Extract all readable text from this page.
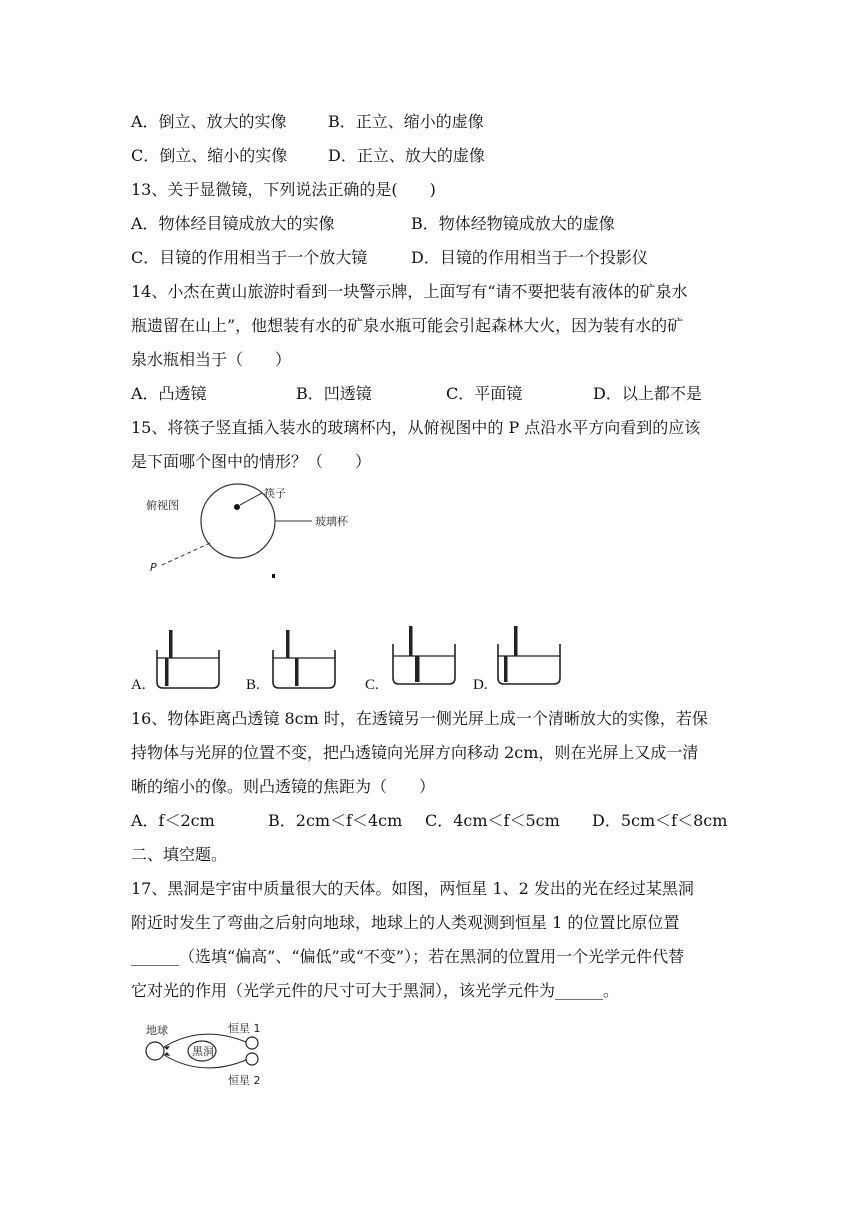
A．倒立、放大的实像	B．正立、缩小的虚像
C．倒立、缩小的实像	D．正立、放大的虚像
13、关于显微镜，下列说法正确的是(　　)
A．物体经目镜成放大的实像	B．物体经物镜成放大的虚像
C．目镜的作用相当于一个放大镜	D．目镜的作用相当于一个投影仪
14、小杰在黄山旅游时看到一块警示牌，上面写有“请不要把装有液体的矿泉水
瓶遗留在山上”，他想装有水的矿泉水瓶可能会引起森林大火，因为装有水的矿
泉水瓶相当于（　　）
A．凸透镜	B．凹透镜	C．平面镜	D．以上都不是
15、将筷子竖直插入装水的玻璃杯内，从俯视图中的 P 点沿水平方向看到的应该
是下面哪个图中的情形？（　　）
俯视图
筷子
玻璃杯
P
A.	B.	C.	D.
16、物体距离凸透镜 8cm 时，在透镜另一侧光屏上成一个清晰放大的实像，若保
持物体与光屏的位置不变，把凸透镜向光屏方向移动 2cm，则在光屏上又成一清
晰的缩小的像。则凸透镜的焦距为（　　）
A．f＜2cm	B．2cm＜f＜4cm C．4cm＜f＜5cm D．5cm＜f＜8cm
二、填空题。
17、黑洞是宇宙中质量很大的天体。如图，两恒星 1、2 发出的光在经过某黑洞
附近时发生了弯曲之后射向地球，地球上的人类观测到恒星 1 的位置比原位置
______（选填“偏高”、“偏低”或“不变”）；若在黑洞的位置用一个光学元件代替
它对光的作用（光学元件的尺寸可大于黑洞），该光学元件为______。
地球	恒星 1
恒星 2
黑洞
